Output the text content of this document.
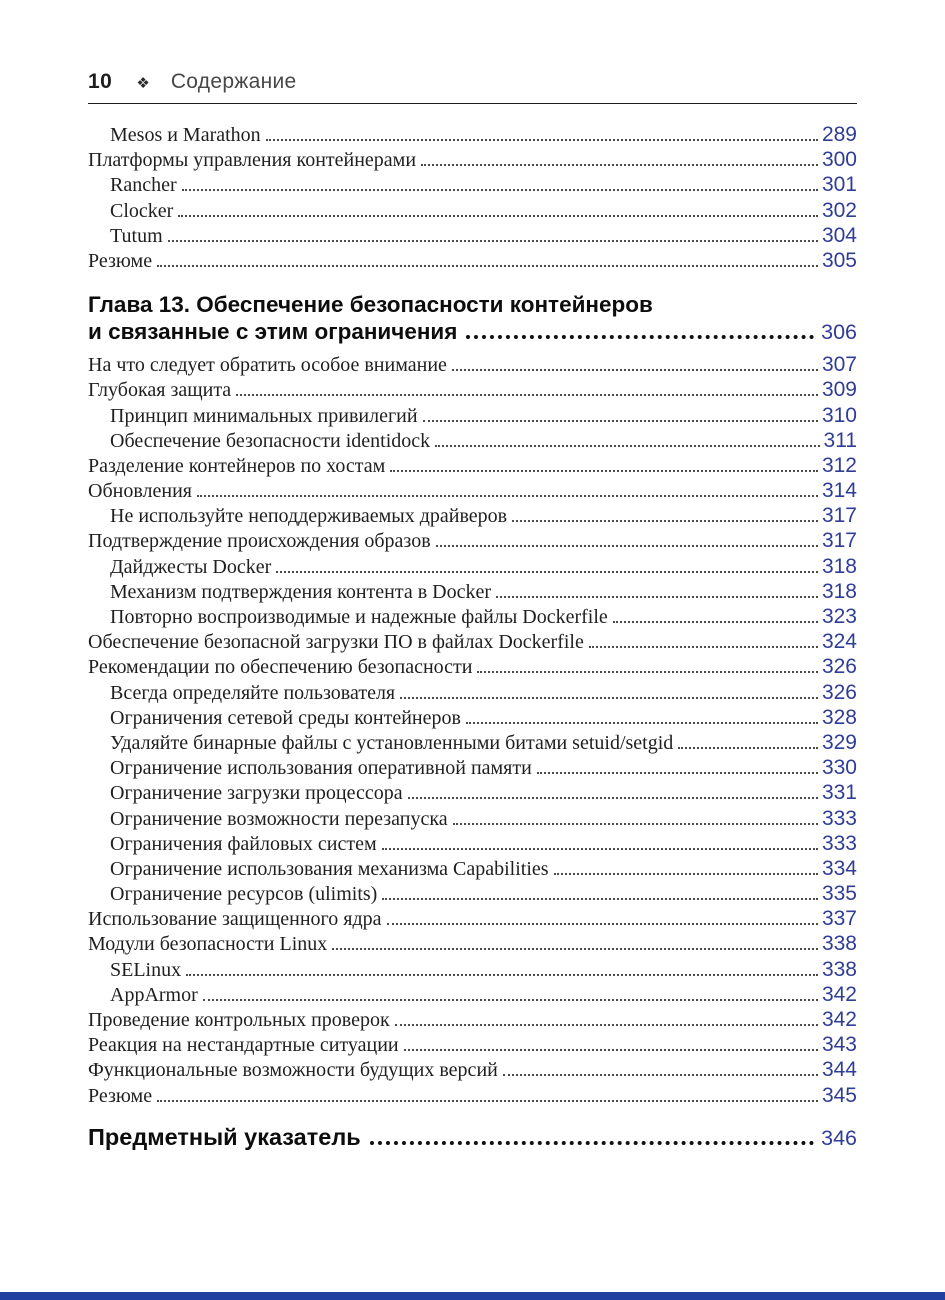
10 ❖ Содержание
Mesos и Marathon	289
Платформы управления контейнерами	300
Rancher	301
Clocker	302
Tutum	304
Резюме	305
Глава 13. Обеспечение безопасности контейнеров
и связанные с этим ограничения	306
На что следует обратить особое внимание	307
Глубокая защита	309
Принцип минимальных привилегий	310
Обеспечение безопасности identidock	311
Разделение контейнеров по хостам	312
Обновления	314
Не используйте неподдерживаемых драйверов	317
Подтверждение происхождения образов	317
Дайджесты Docker	318
Механизм подтверждения контента в Docker	318
Повторно воспроизводимые и надежные файлы Dockerfile	323
Обеспечение безопасной загрузки ПО в файлах Dockerfile	324
Рекомендации по обеспечению безопасности	326
Всегда определяйте пользователя	326
Ограничения сетевой среды контейнеров	328
Удаляйте бинарные файлы с установленными битами setuid/setgid	329
Ограничение использования оперативной памяти	330
Ограничение загрузки процессора	331
Ограничение возможности перезапуска	333
Ограничения файловых систем	333
Ограничение использования механизма Capabilities	334
Ограничение ресурсов (ulimits)	335
Использование защищенного ядра	337
Модули безопасности Linux	338
SELinux	338
AppArmor	342
Проведение контрольных проверок	342
Реакция на нестандартные ситуации	343
Функциональные возможности будущих версий	344
Резюме	345
Предметный указатель	346
